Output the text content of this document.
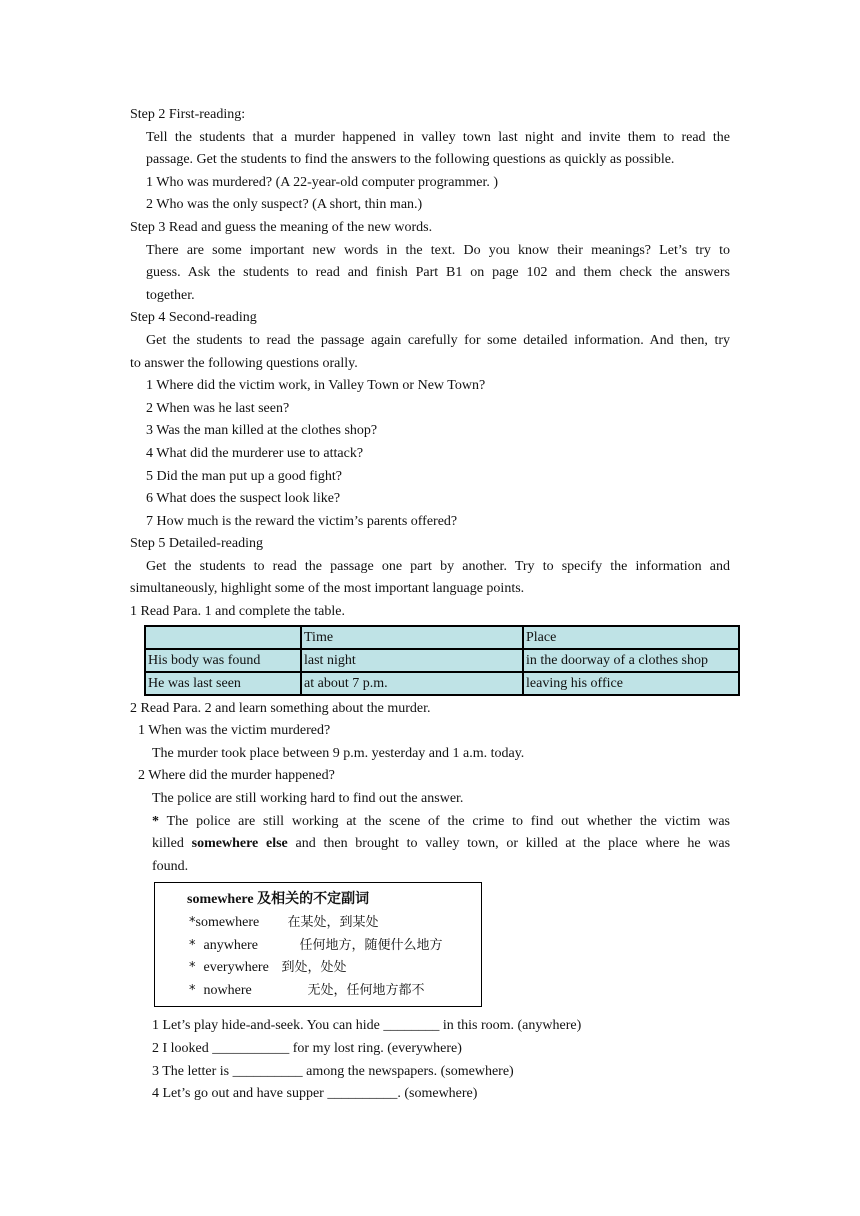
Step 2 First-reading:
Tell the students that a murder happened in valley town last night and invite them to read the
passage. Get the students to find the answers to the following questions as quickly as possible.
1 Who was murdered? (A 22-year-old computer programmer. )
2 Who was the only suspect? (A short, thin man.)
Step 3 Read and guess the meaning of the new words.
There are some important new words in the text. Do you know their meanings? Let’s try to
guess. Ask the students to read and finish Part B1 on page 102 and them check the answers
together.
Step 4 Second-reading
Get the students to read the passage again carefully for some detailed information. And then, try
to answer the following questions orally.
1 Where did the victim work, in Valley Town or New Town?
2 When was he last seen?
3 Was the man killed at the clothes shop?
4 What did the murderer use to attack?
5 Did the man put up a good fight?
6 What does the suspect look like?
7 How much is the reward the victim’s parents offered?
Step 5 Detailed-reading
Get the students to read the passage one part by another. Try to specify the information and
simultaneously, highlight some of the most important language points.
1 Read Para. 1 and complete the table.
	Time	Place
His body was found	last night	in the doorway of a clothes shop
He was last seen	at about 7 p.m.	leaving his office
2 Read Para. 2 and learn something about the murder.
1 When was the victim murdered?
The murder took place between 9 p.m. yesterday and 1 a.m. today.
2 Where did the murder happened?
The police are still working hard to find out the answer.
* The police are still working at the scene of the crime to find out whether the victim was
killed somewhere else and then brought to valley town, or killed at the place where he was
found.
somewhere 及相关的不定副词
*somewhere 在某处，到某处
* anywhere	任何地方，随便什么地方
* everywhere 到处，处处
* nowhere	无处，任何地方都不
1 Let’s play hide-and-seek. You can hide ________ in this room. (anywhere)
2 I looked ___________ for my lost ring. (everywhere)
3 The letter is __________ among the newspapers. (somewhere)
4 Let’s go out and have supper __________. (somewhere)
